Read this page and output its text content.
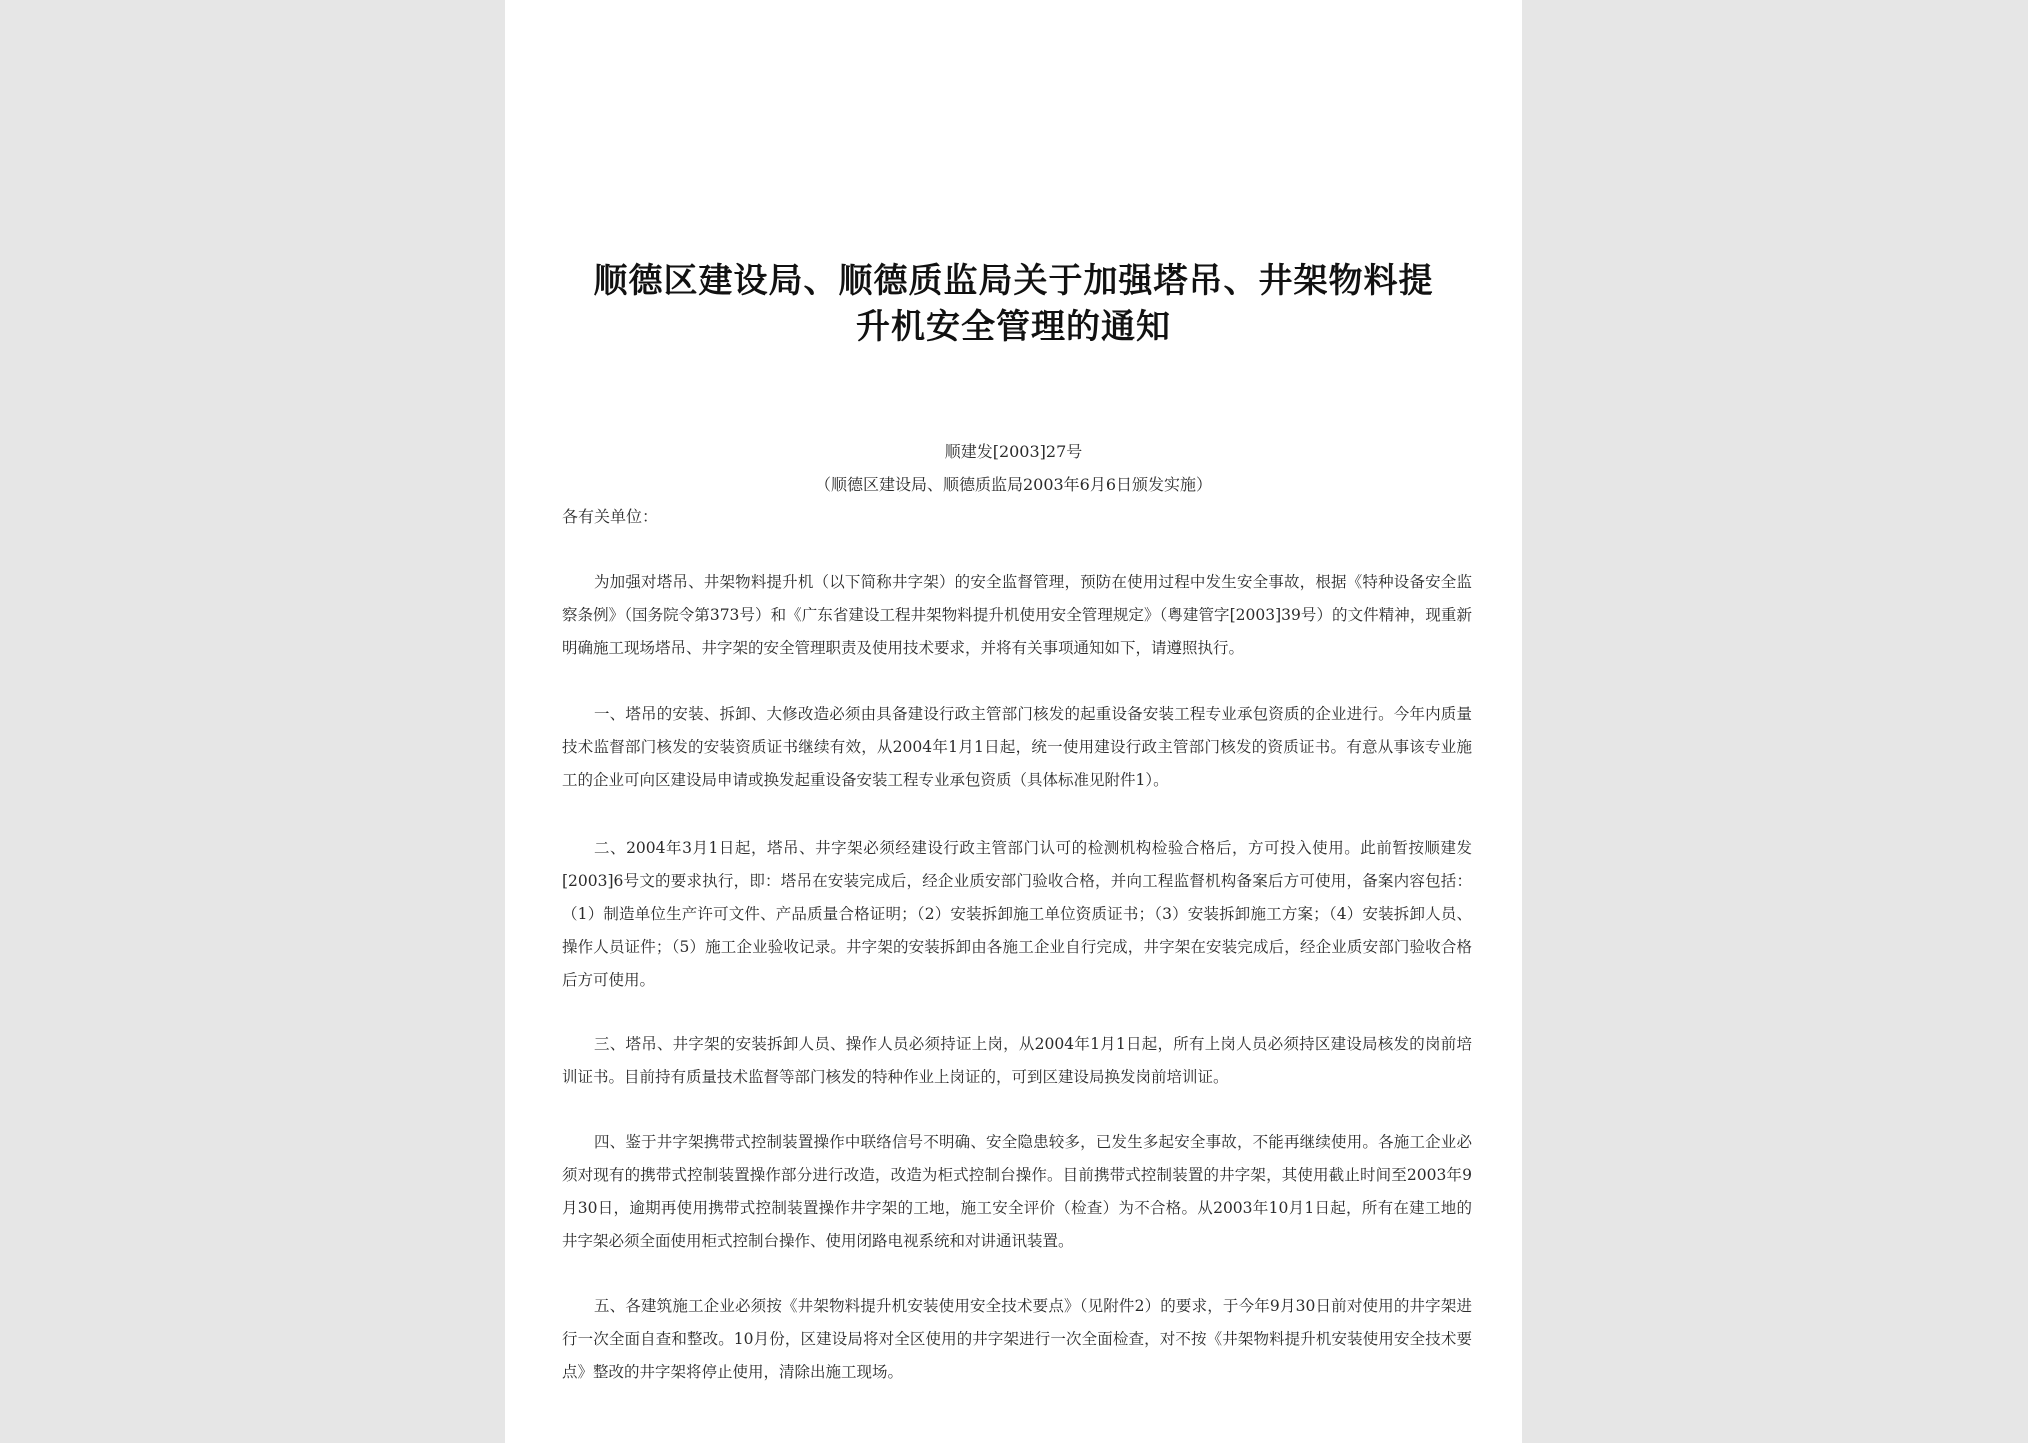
顺德区建设局、顺德质监局关于加强塔吊、井架物料提
升机安全管理的通知
顺建发[2003]27号
（顺德区建设局、顺德质监局2003年6月6日颁发实施）
各有关单位：

为加强对塔吊、井架物料提升机（以下简称井字架）的安全监督管理，预防在使用过程中发生安全事故，根据《特种设备安全监察条例》（国务院令第373号）和《广东省建设工程井架物料提升机使用安全管理规定》（粤建管字[2003]39号）的文件精神，现重新明确施工现场塔吊、井字架的安全管理职责及使用技术要求，并将有关事项通知如下，请遵照执行。

一、塔吊的安装、拆卸、大修改造必须由具备建设行政主管部门核发的起重设备安装工程专业承包资质的企业进行。今年内质量技术监督部门核发的安装资质证书继续有效，从2004年1月1日起，统一使用建设行政主管部门核发的资质证书。有意从事该专业施工的企业可向区建设局申请或换发起重设备安装工程专业承包资质（具体标准见附件1）。

二、2004年3月1日起，塔吊、井字架必须经建设行政主管部门认可的检测机构检验合格后，方可投入使用。此前暂按顺建发[2003]6号文的要求执行，即：塔吊在安装完成后，经企业质安部门验收合格，并向工程监督机构备案后方可使用，备案内容包括：（1）制造单位生产许可文件、产品质量合格证明；（2）安装拆卸施工单位资质证书；（3）安装拆卸施工方案；（4）安装拆卸人员、操作人员证件；（5）施工企业验收记录。井字架的安装拆卸由各施工企业自行完成，井字架在安装完成后，经企业质安部门验收合格后方可使用。

三、塔吊、井字架的安装拆卸人员、操作人员必须持证上岗，从2004年1月1日起，所有上岗人员必须持区建设局核发的岗前培训证书。目前持有质量技术监督等部门核发的特种作业上岗证的，可到区建设局换发岗前培训证。

四、鉴于井字架携带式控制装置操作中联络信号不明确、安全隐患较多，已发生多起安全事故，不能再继续使用。各施工企业必须对现有的携带式控制装置操作部分进行改造，改造为柜式控制台操作。目前携带式控制装置的井字架，其使用截止时间至2003年9月30日，逾期再使用携带式控制装置操作井字架的工地，施工安全评价（检查）为不合格。从2003年10月1日起，所有在建工地的井字架必须全面使用柜式控制台操作、使用闭路电视系统和对讲通讯装置。

五、各建筑施工企业必须按《井架物料提升机安装使用安全技术要点》（见附件2）的要求，于今年9月30日前对使用的井字架进行一次全面自查和整改。10月份，区建设局将对全区使用的井字架进行一次全面检查，对不按《井架物料提升机安装使用安全技术要点》整改的井字架将停止使用，清除出施工现场。
